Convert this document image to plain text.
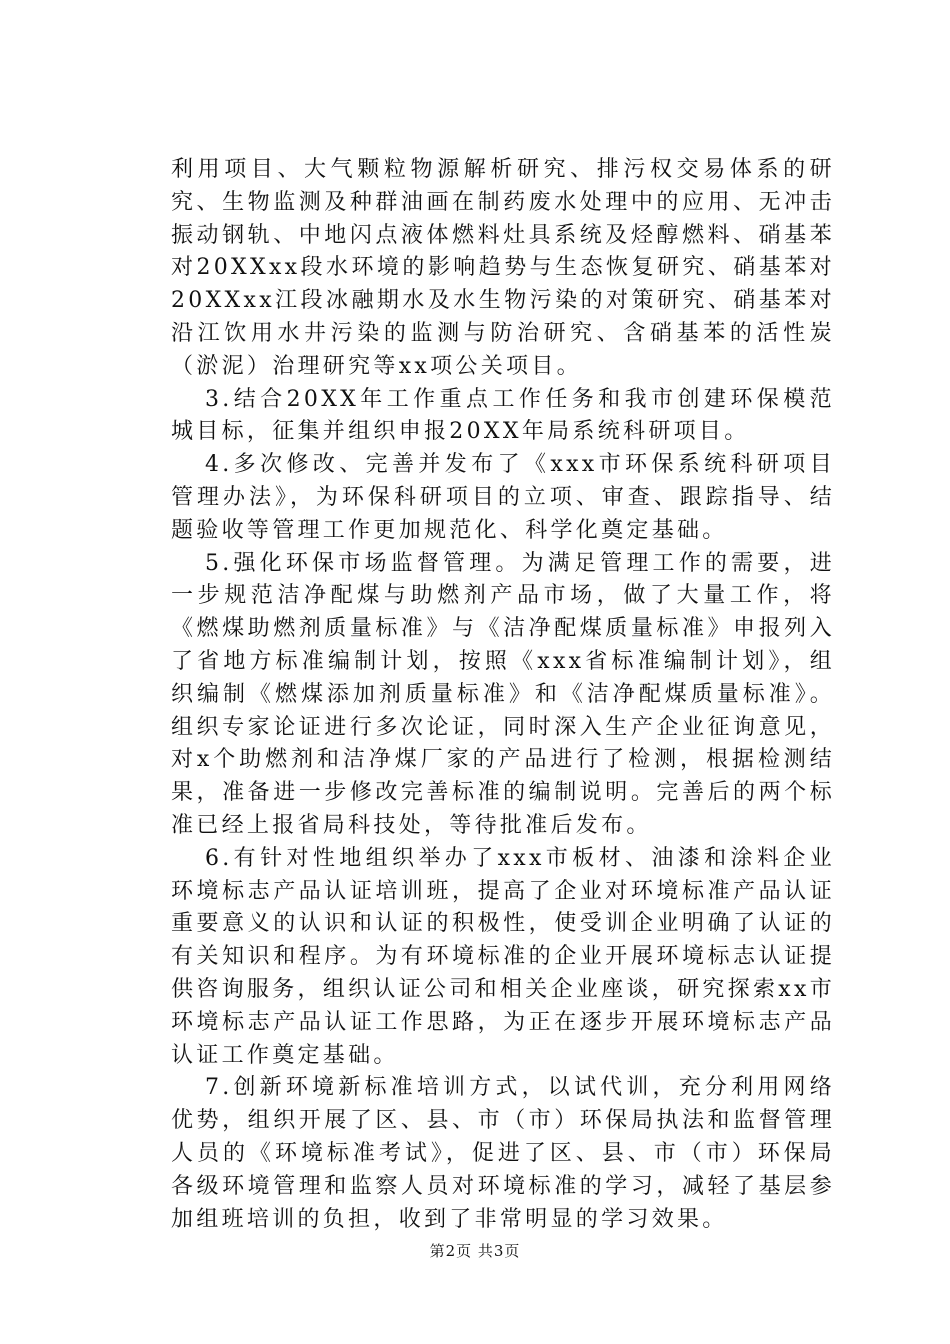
利用项目、大气颗粒物源解析研究、排污权交易体系的研究、生物监测及种群油画在制药废水处理中的应用、无冲击振动钢轨、中地闪点液体燃料灶具系统及烃醇燃料、硝基苯对20XXxx段水环境的影响趋势与生态恢复研究、硝基苯对20XXxx江段冰融期水及水生物污染的对策研究、硝基苯对沿江饮用水井污染的监测与防治研究、含硝基苯的活性炭（淤泥）治理研究等xx项公关项目。

3.结合20XX年工作重点工作任务和我市创建环保模范城目标，征集并组织申报20XX年局系统科研项目。

4.多次修改、完善并发布了《xxx市环保系统科研项目管理办法》，为环保科研项目的立项、审查、跟踪指导、结题验收等管理工作更加规范化、科学化奠定基础。

5.强化环保市场监督管理。为满足管理工作的需要，进一步规范洁净配煤与助燃剂产品市场，做了大量工作，将《燃煤助燃剂质量标准》与《洁净配煤质量标准》申报列入了省地方标准编制计划，按照《xxx省标准编制计划》，组织编制《燃煤添加剂质量标准》和《洁净配煤质量标准》。组织专家论证进行多次论证，同时深入生产企业征询意见，对x个助燃剂和洁净煤厂家的产品进行了检测，根据检测结果，准备进一步修改完善标准的编制说明。完善后的两个标准已经上报省局科技处，等待批准后发布。

6.有针对性地组织举办了xxx市板材、油漆和涂料企业环境标志产品认证培训班，提高了企业对环境标准产品认证重要意义的认识和认证的积极性，使受训企业明确了认证的有关知识和程序。为有环境标准的企业开展环境标志认证提供咨询服务，组织认证公司和相关企业座谈，研究探索xx市环境标志产品认证工作思路，为正在逐步开展环境标志产品认证工作奠定基础。

7.创新环境新标准培训方式，以试代训，充分利用网络优势，组织开展了区、县、市（市）环保局执法和监督管理人员的《环境标准考试》，促进了区、县、市（市）环保局各级环境管理和监察人员对环境标准的学习，减轻了基层参加组班培训的负担，收到了非常明显的学习效果。

第2页 共3页
